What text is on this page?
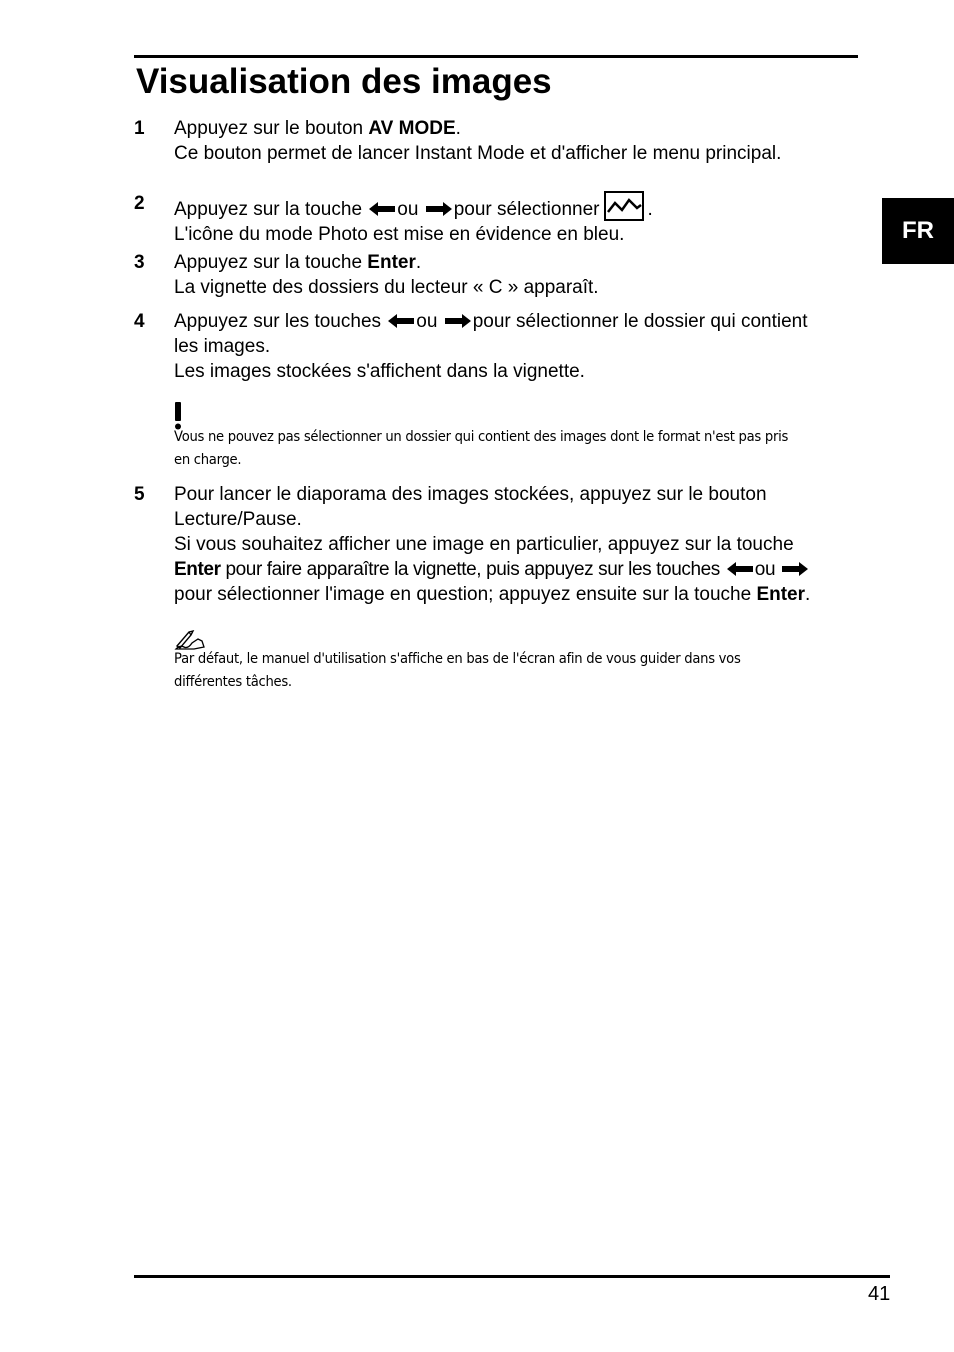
Visualisation des images
FR
1	Appuyez sur le bouton AV MODE.
Ce bouton permet de lancer Instant Mode et d'afficher le menu principal.
2	Appuyez sur la touche ou pour sélectionner	.
L'icône du mode Photo est mise en évidence en bleu.
3	Appuyez sur la touche Enter.
La vignette des dossiers du lecteur « C » apparaît.
4	Appuyez sur les touches ou pour sélectionner le dossier qui contient
les images.
Les images stockées s'affichent dans la vignette.
Vous ne pouvez pas sélectionner un dossier qui contient des images dont le format n'est pas pris
en charge.
5	Pour lancer le diaporama des images stockées, appuyez sur le bouton
Lecture/Pause.
Si vous souhaitez afficher une image en particulier, appuyez sur la touche
Enter pour faire apparaître la vignette, puis appuyez sur les touches ou
pour sélectionner l'image en question; appuyez ensuite sur la touche Enter.
Par défaut, le manuel d'utilisation s'affiche en bas de l'écran afin de vous guider dans vos
différentes tâches.
41
